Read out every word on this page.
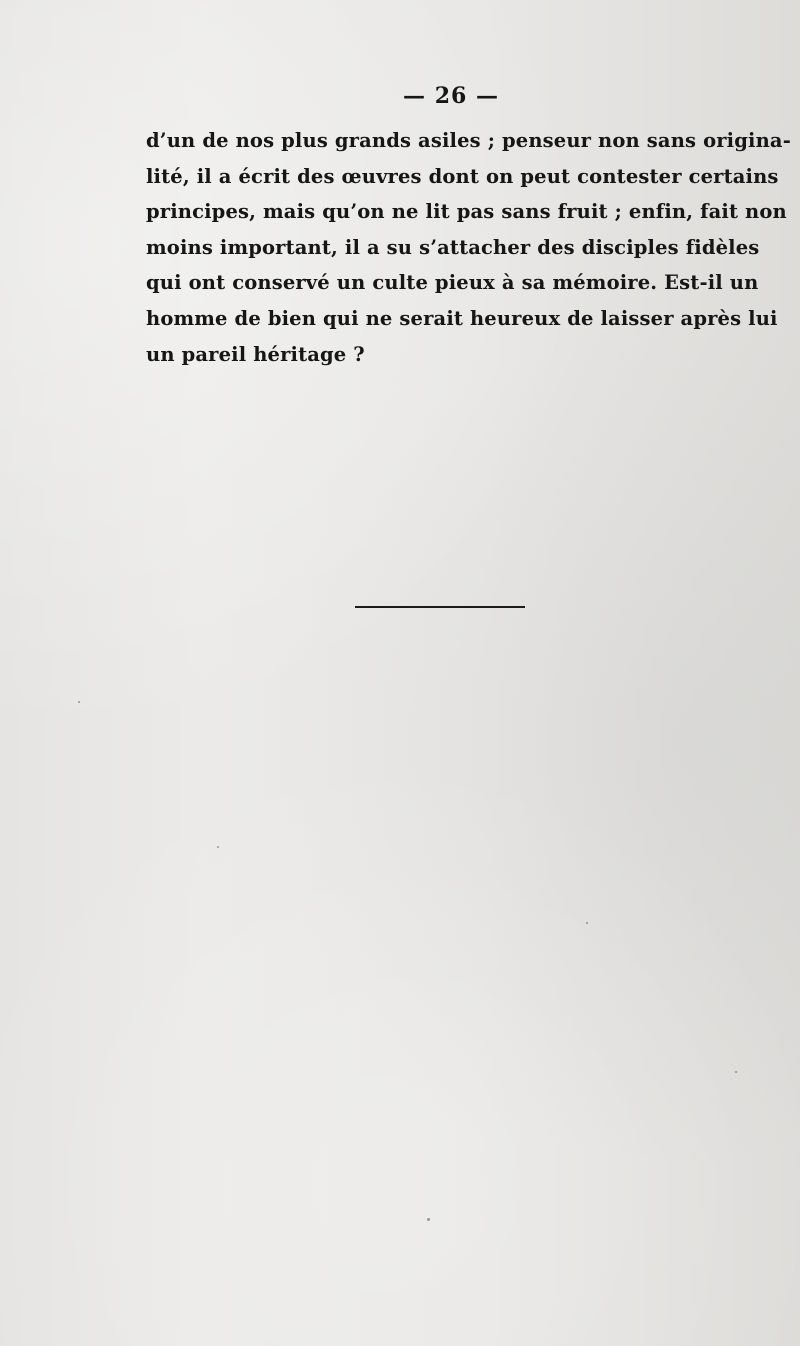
— 26 —
d’un de nos plus grands asiles ; penseur non sans origina-
lité, il a écrit des œuvres dont on peut contester certains
principes, mais qu’on ne lit pas sans fruit ; enfin, fait non
moins important, il a su s’attacher des disciples fidèles
qui ont conservé un culte pieux à sa mémoire. Est-il un
homme de bien qui ne serait heureux de laisser après lui
un pareil héritage ?
